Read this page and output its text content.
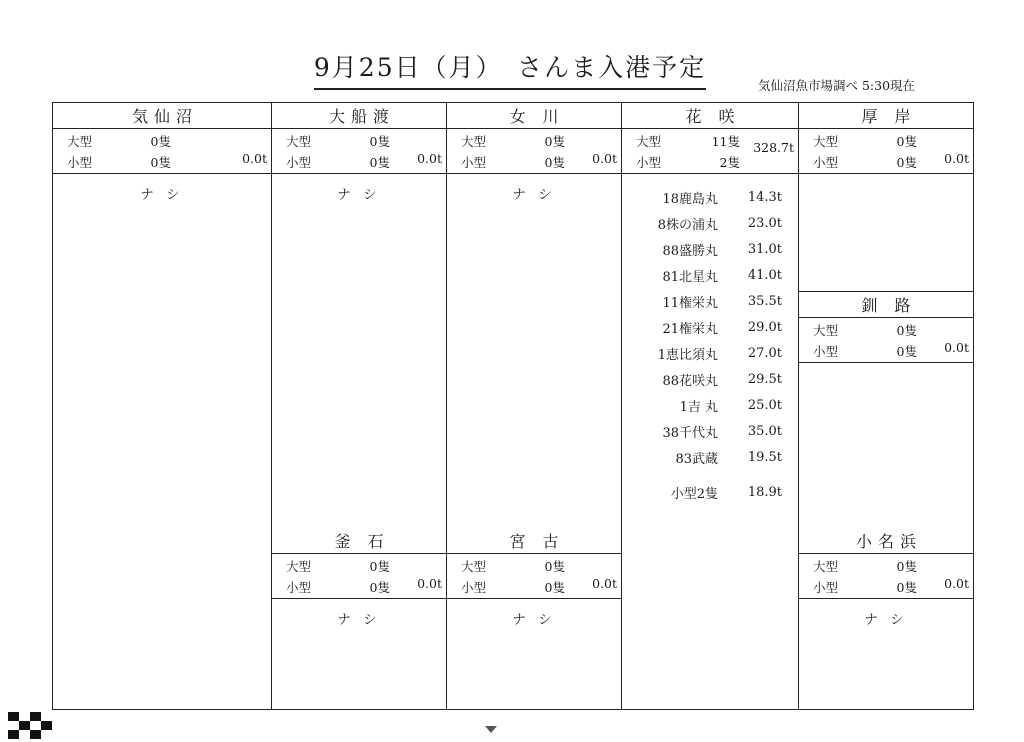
9月25日（月）　さんま入港予定
気仙沼魚市場調べ 5:30現在
気仙沼
大型	0隻
小型	0隻	0.0t
ナ シ
大船渡
大型	0隻
小型	0隻 0.0t
ナ シ
釜 石
大型	0隻
小型	0隻 0.0t
ナ シ
女 川
大型	0隻
小型	0隻 0.0t
ナ シ
宮 古
大型	0隻
小型	0隻 0.0t
ナ シ
花 咲
大型	11隻
小型	2隻
328.7t
18鹿島丸	14.3t
8株の浦丸	23.0t
88盛勝丸	31.0t
81北星丸	41.0t
11権栄丸	35.5t
21権栄丸	29.0t
1恵比須丸	27.0t
88花咲丸	29.5t
1吉 丸	25.0t
38千代丸	35.0t
83武蔵	19.5t
小型2隻	18.9t
厚 岸
大型	0隻
小型	0隻 0.0t
釧 路
大型	0隻
小型	0隻 0.0t
小名浜
大型	0隻
小型	0隻 0.0t
ナ シ
